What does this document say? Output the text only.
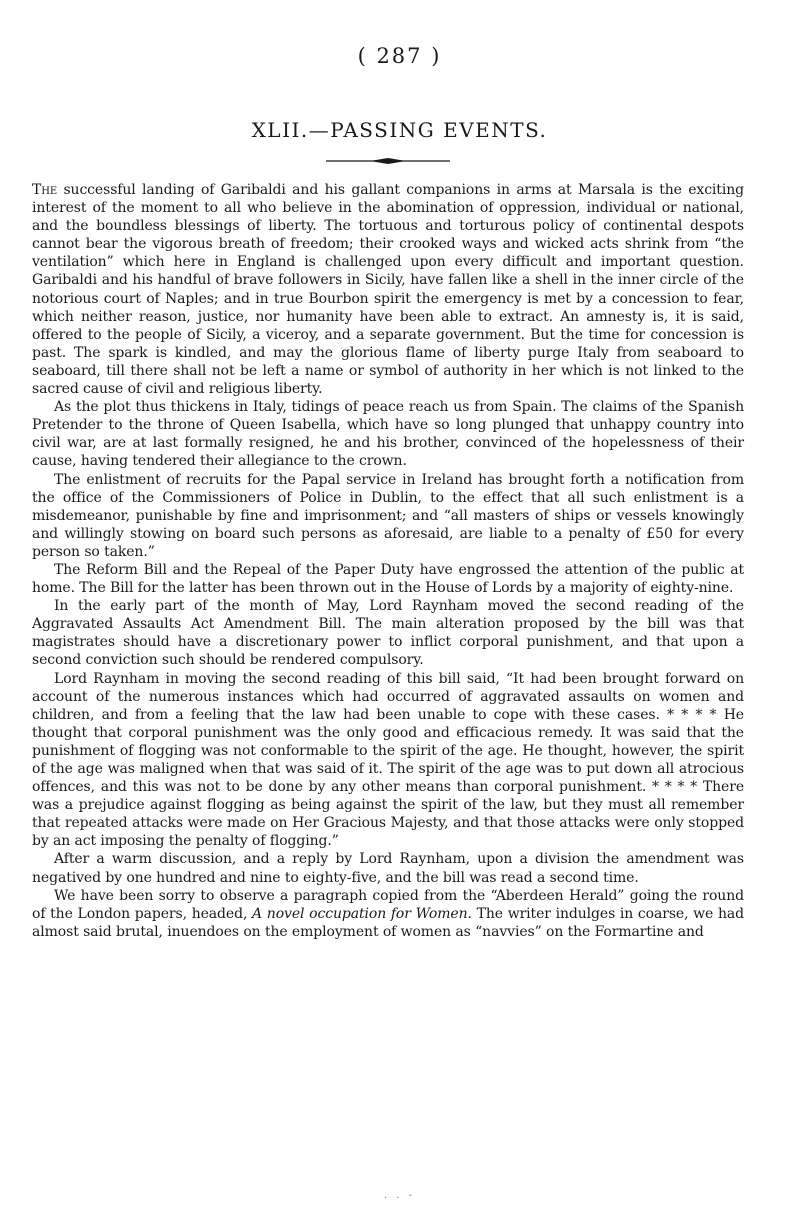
( 287 )
XLII.—PASSING EVENTS.

The successful landing of Garibaldi and his gallant companions in arms at Marsala is the exciting interest of the moment to all who believe in the abomination of oppression, individual or national, and the boundless blessings of liberty. The tortuous and torturous policy of continental despots cannot bear the vigorous breath of freedom; their crooked ways and wicked acts shrink from “the ventilation” which here in England is challenged upon every difficult and important question. Garibaldi and his handful of brave followers in Sicily, have fallen like a shell in the inner circle of the notorious court of Naples; and in true Bourbon spirit the emergency is met by a concession to fear, which neither reason, justice, nor humanity have been able to extract. An amnesty is, it is said, offered to the people of Sicily, a viceroy, and a separate government. But the time for concession is past. The spark is kindled, and may the glorious flame of liberty purge Italy from seaboard to seaboard, till there shall not be left a name or symbol of authority in her which is not linked to the sacred cause of civil and religious liberty.

As the plot thus thickens in Italy, tidings of peace reach us from Spain. The claims of the Spanish Pretender to the throne of Queen Isabella, which have so long plunged that unhappy country into civil war, are at last formally resigned, he and his brother, convinced of the hopelessness of their cause, having tendered their allegiance to the crown.

The enlistment of recruits for the Papal service in Ireland has brought forth a notification from the office of the Commissioners of Police in Dublin, to the effect that all such enlistment is a misdemeanor, punishable by fine and imprisonment; and “all masters of ships or vessels knowingly and willingly stowing on board such persons as aforesaid, are liable to a penalty of £50 for every person so taken.”

The Reform Bill and the Repeal of the Paper Duty have engrossed the attention of the public at home. The Bill for the latter has been thrown out in the House of Lords by a majority of eighty-nine.

In the early part of the month of May, Lord Raynham moved the second reading of the Aggravated Assaults Act Amendment Bill. The main alteration proposed by the bill was that magistrates should have a discretionary power to inflict corporal punishment, and that upon a second conviction such should be rendered compulsory.

Lord Raynham in moving the second reading of this bill said, “It had been brought forward on account of the numerous instances which had occurred of aggravated assaults on women and children, and from a feeling that the law had been unable to cope with these cases. * * * * He thought that corporal punishment was the only good and efficacious remedy. It was said that the punishment of flogging was not conformable to the spirit of the age. He thought, however, the spirit of the age was maligned when that was said of it. The spirit of the age was to put down all atrocious offences, and this was not to be done by any other means than corporal punishment. * * * * There was a prejudice against flogging as being against the spirit of the law, but they must all remember that repeated attacks were made on Her Gracious Majesty, and that those attacks were only stopped by an act imposing the penalty of flogging.”

After a warm discussion, and a reply by Lord Raynham, upon a division the amendment was negatived by one hundred and nine to eighty-five, and the bill was read a second time.

We have been sorry to observe a paragraph copied from the “Aberdeen Herald” going the round of the London papers, headed, A novel occupation for Women. The writer indulges in coarse, we had almost said brutal, inuendoes on the employment of women as “navvies” on the Formartine and

. . -
